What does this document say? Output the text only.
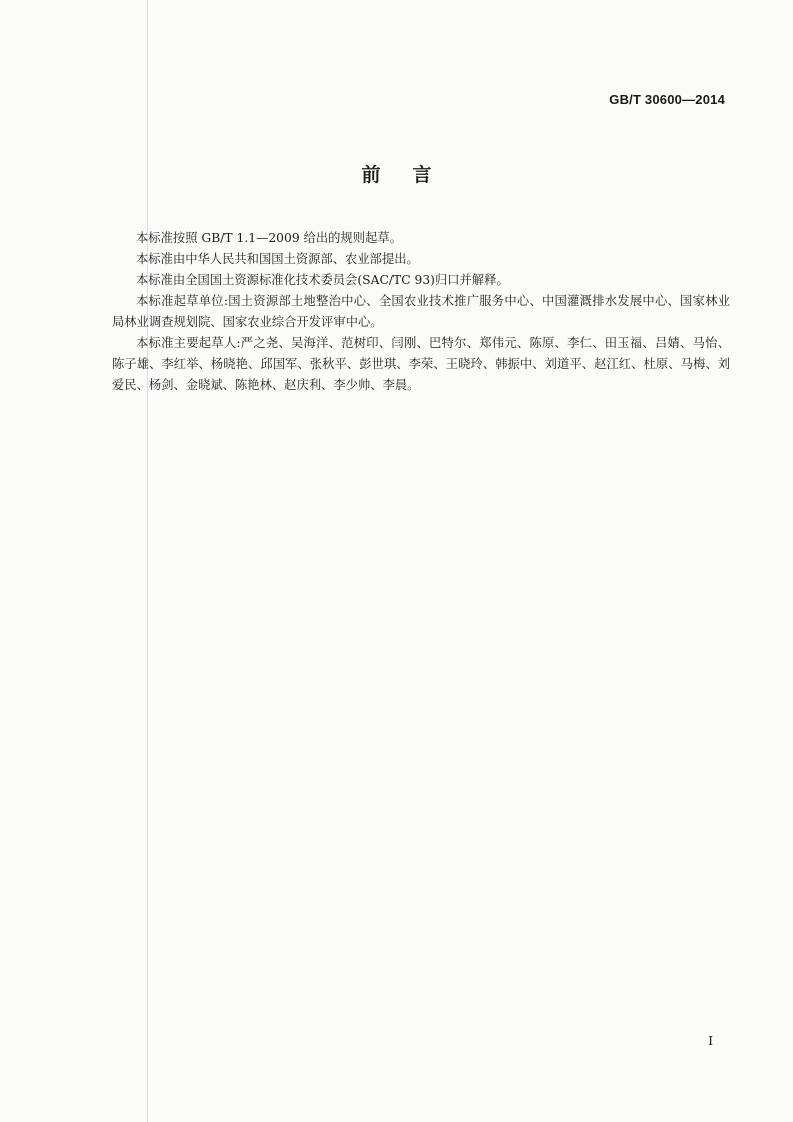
GB/T 30600—2014
前言

本标准按照 GB/T 1.1—2009 给出的规则起草。

本标准由中华人民共和国国土资源部、农业部提出。

本标准由全国国土资源标准化技术委员会(SAC/TC 93)归口并解释。

本标准起草单位:国土资源部土地整治中心、全国农业技术推广服务中心、中国灌溉排水发展中心、国家林业局林业调查规划院、国家农业综合开发评审中心。

本标准主要起草人:严之尧、吴海洋、范树印、闫刚、巴特尔、郑伟元、陈原、李仁、田玉福、吕婧、马怡、陈子雄、李红举、杨晓艳、邱国军、张秋平、彭世琪、李荣、王晓玲、韩振中、刘道平、赵江红、杜原、马梅、刘爱民、杨剑、金晓斌、陈艳林、赵庆利、李少帅、李晨。

I
